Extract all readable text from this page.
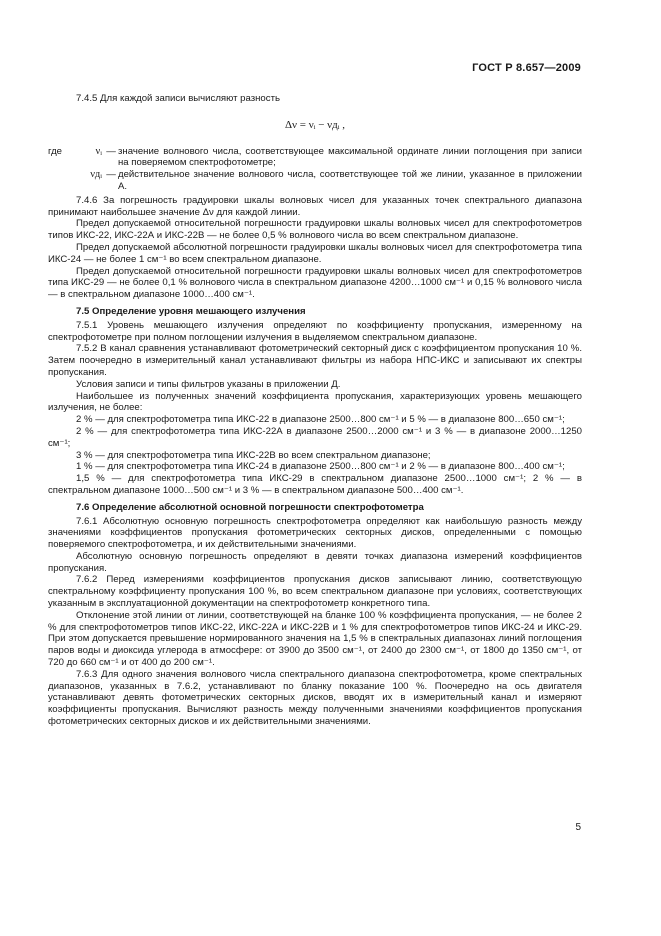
ГОСТ Р 8.657—2009

7.4.5 Для каждой записи вычисляют разность

Δν = νᵢ − νдᵢ ,
где	νᵢ — значение волнового числа, соответствующее максимальной ординате линии поглощения при записи на поверяемом спектрофотометре;
νдᵢ — действительное значение волнового числа, соответствующее той же линии, указанное в приложении А.

7.4.6 За погрешность градуировки шкалы волновых чисел для указанных точек спектрального диапазона принимают наибольшее значение Δν для каждой линии.

Предел допускаемой относительной погрешности градуировки шкалы волновых чисел для спектрофотометров типов ИКС-22, ИКС-22А и ИКС-22В — не более 0,5 % волнового числа во всем спектральном диапазоне.

Предел допускаемой абсолютной погрешности градуировки шкалы волновых чисел для спектрофотометра типа ИКС-24 — не более 1 см⁻¹ во всем спектральном диапазоне.

Предел допускаемой относительной погрешности градуировки шкалы волновых чисел для спектрофотометров типа ИКС-29 — не более 0,1 % волнового числа в спектральном диапазоне 4200…1000 см⁻¹ и 0,15 % волнового числа — в спектральном диапазоне 1000…400 см⁻¹.

7.5 Определение уровня мешающего излучения

7.5.1 Уровень мешающего излучения определяют по коэффициенту пропускания, измеренному на спектрофотометре при полном поглощении излучения в выделяемом спектральном диапазоне.

7.5.2 В канал сравнения устанавливают фотометрический секторный диск с коэффициентом пропускания 10 %. Затем поочередно в измерительный канал устанавливают фильтры из набора НПС-ИКС и записывают их спектры пропускания.

Условия записи и типы фильтров указаны в приложении Д.

Наибольшее из полученных значений коэффициента пропускания, характеризующих уровень мешающего излучения, не более:

2 % — для спектрофотометра типа ИКС-22 в диапазоне 2500…800 см⁻¹ и 5 % — в диапазоне 800…650 см⁻¹;

2 % — для спектрофотометра типа ИКС-22А в диапазоне 2500…2000 см⁻¹ и 3 % — в диапазоне 2000…1250 см⁻¹;

3 % — для спектрофотометра типа ИКС-22В во всем спектральном диапазоне;

1 % — для спектрофотометра типа ИКС-24 в диапазоне 2500…800 см⁻¹ и 2 % — в диапазоне 800…400 см⁻¹;

1,5 % — для спектрофотометра типа ИКС-29 в спектральном диапазоне 2500…1000 см⁻¹; 2 % — в спектральном диапазоне 1000…500 см⁻¹ и 3 % — в спектральном диапазоне 500…400 см⁻¹.

7.6 Определение абсолютной основной погрешности спектрофотометра

7.6.1 Абсолютную основную погрешность спектрофотометра определяют как наибольшую разность между значениями коэффициентов пропускания фотометрических секторных дисков, определенными с помощью поверяемого спектрофотометра, и их действительными значениями.

Абсолютную основную погрешность определяют в девяти точках диапазона измерений коэффициентов пропускания.

7.6.2 Перед измерениями коэффициентов пропускания дисков записывают линию, соответствующую спектральному коэффициенту пропускания 100 %, во всем спектральном диапазоне при условиях, соответствующих указанным в эксплуатационной документации на спектрофотометр конкретного типа.

Отклонение этой линии от линии, соответствующей на бланке 100 % коэффициента пропускания, — не более 2 % для спектрофотометров типов ИКС-22, ИКС-22А и ИКС-22В и 1 % для спектрофотометров типов ИКС-24 и ИКС-29. При этом допускается превышение нормированного значения на 1,5 % в спектральных диапазонах линий поглощения паров воды и диоксида углерода в атмосфере: от 3900 до 3500 см⁻¹, от 2400 до 2300 см⁻¹, от 1800 до 1350 см⁻¹, от 720 до 660 см⁻¹ и от 400 до 200 см⁻¹.

7.6.3 Для одного значения волнового числа спектрального диапазона спектрофотометра, кроме спектральных диапазонов, указанных в 7.6.2, устанавливают по бланку показание 100 %. Поочередно на ось двигателя устанавливают девять фотометрических секторных дисков, вводят их в измерительный канал и измеряют коэффициенты пропускания. Вычисляют разность между полученными значениями коэффициентов пропускания фотометрических секторных дисков и их действительными значениями.

5
